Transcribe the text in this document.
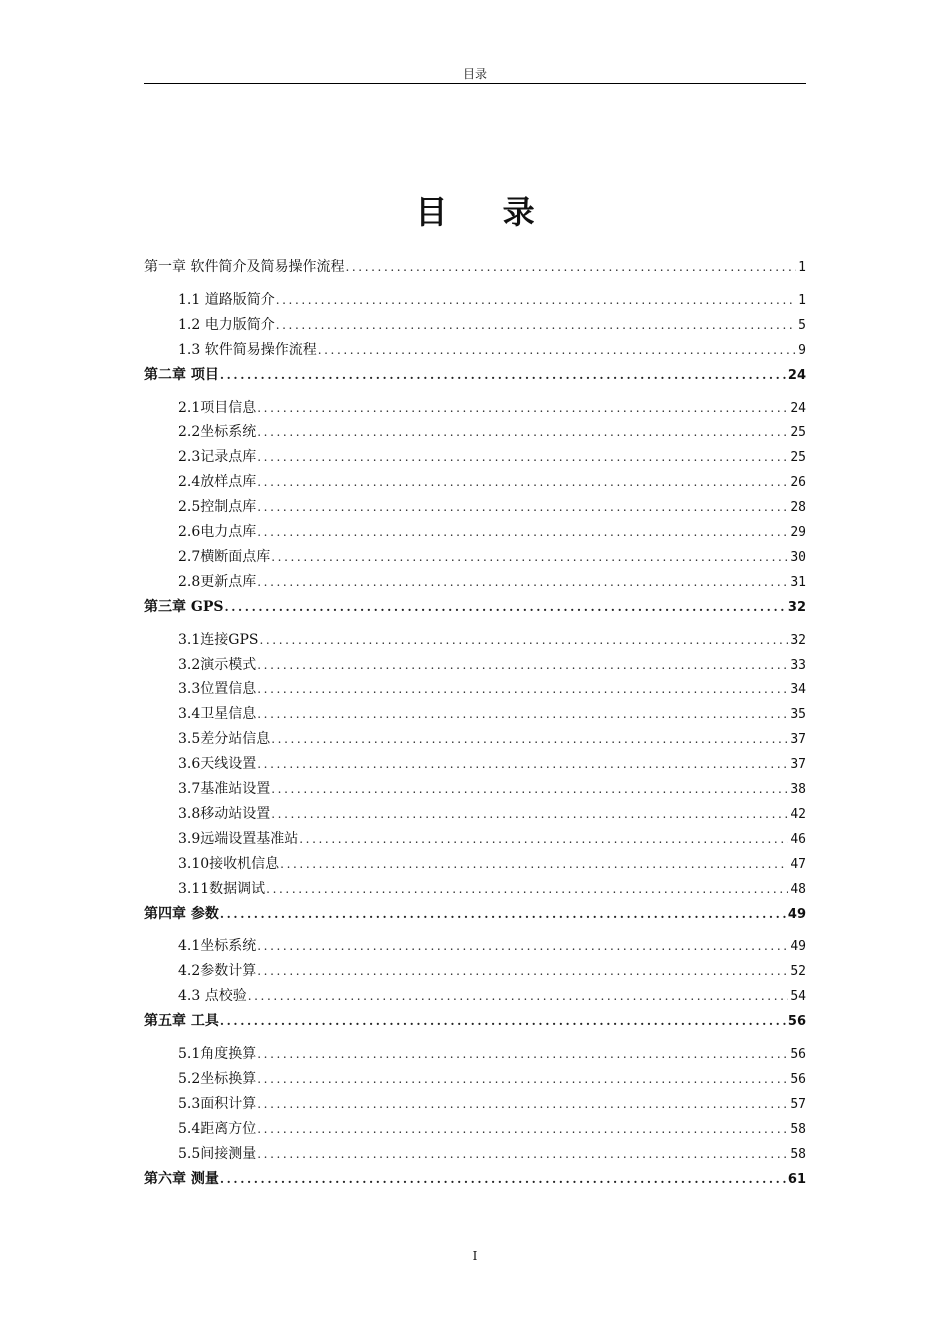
目录
目 录
第一章 软件简介及简易操作流程 .....	1
1.1 道路版简介 .....	1
1.2 电力版简介 .....	5
1.3 软件简易操作流程 .....	9
第二章 项目 .....	24
2.1项目信息 .....	24
2.2坐标系统 .....	25
2.3记录点库 .....	25
2.4放样点库 .....	26
2.5控制点库 .....	28
2.6电力点库 .....	29
2.7横断面点库 .....	30
2.8更新点库 .....	31
第三章 GPS .....	32
3.1连接GPS .....	32
3.2演示模式 .....	33
3.3位置信息 .....	34
3.4卫星信息 .....	35
3.5差分站信息 .....	37
3.6天线设置 .....	37
3.7基准站设置 .....	38
3.8移动站设置 .....	42
3.9远端设置基准站 .....	46
3.10接收机信息 .....	47
3.11数据调试 .....	48
第四章 参数 .....	49
4.1坐标系统 .....	49
4.2参数计算 .....	52
4.3 点校验 .....	54
第五章 工具 .....	56
5.1角度换算 .....	56
5.2坐标换算 .....	56
5.3面积计算 .....	57
5.4距离方位 .....	58
5.5间接测量 .....	58
第六章 测量 .....	61
I
